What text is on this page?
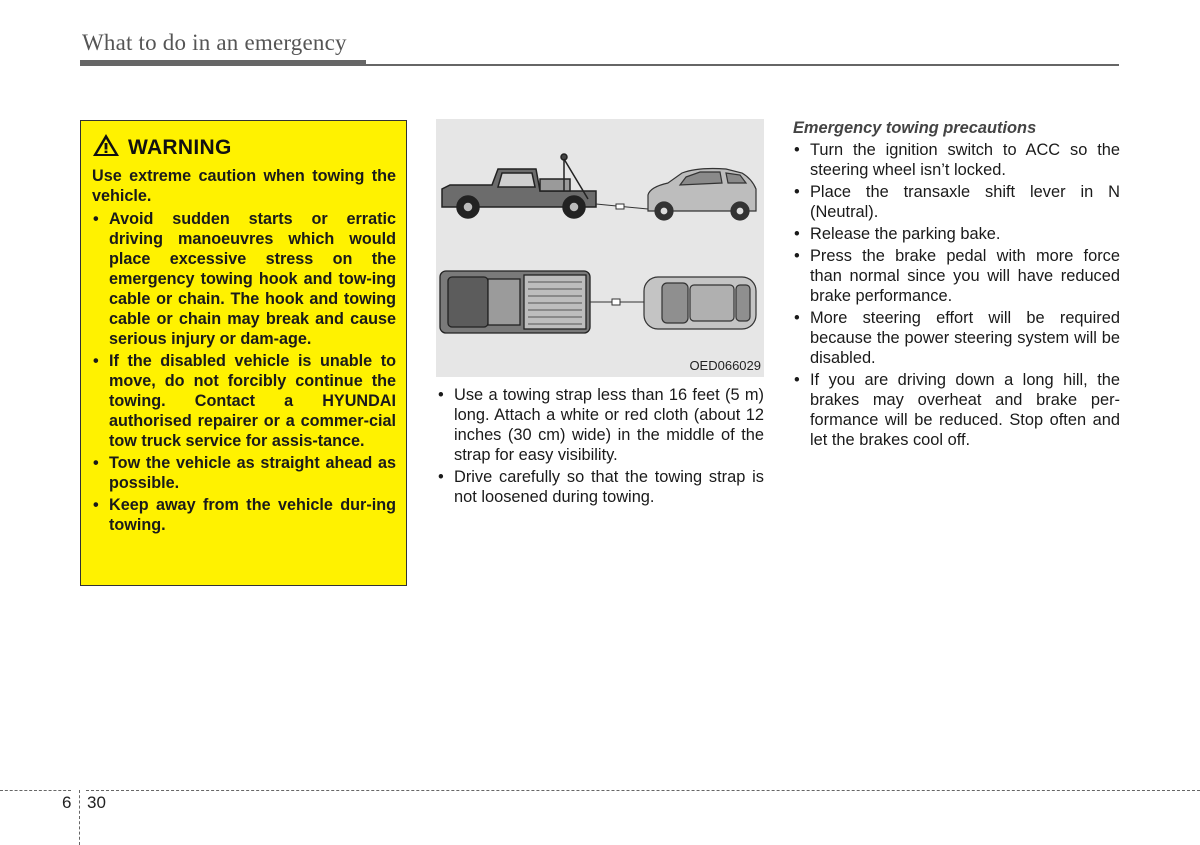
What to do in an emergency
WARNING

Use extreme caution when towing the vehicle.

• Avoid sudden starts or erratic driving manoeuvres which would place excessive stress on the emergency towing hook and tow-ing cable or chain. The hook and towing cable or chain may break and cause serious injury or dam-age.
• If the disabled vehicle is unable to move, do not forcibly continue the towing. Contact a HYUNDAI authorised repairer or a commer-cial tow truck service for assis-tance.
• Tow the vehicle as straight ahead as possible.
• Keep away from the vehicle dur-ing towing.
OED066029
• Use a towing strap less than 16 feet (5 m) long. Attach a white or red cloth (about 12 inches (30 cm) wide) in the middle of the strap for easy visibility.
• Drive carefully so that the towing strap is not loosened during towing.
Emergency towing precautions
• Turn the ignition switch to ACC so the steering wheel isn’t locked.
• Place the transaxle shift lever in N (Neutral).
• Release the parking bake.
• Press the brake pedal with more force than normal since you will have reduced brake performance.
• More steering effort will be required because the power steering system will be disabled.
• If you are driving down a long hill, the brakes may overheat and brake per-formance will be reduced. Stop often and let the brakes cool off.
6 30
